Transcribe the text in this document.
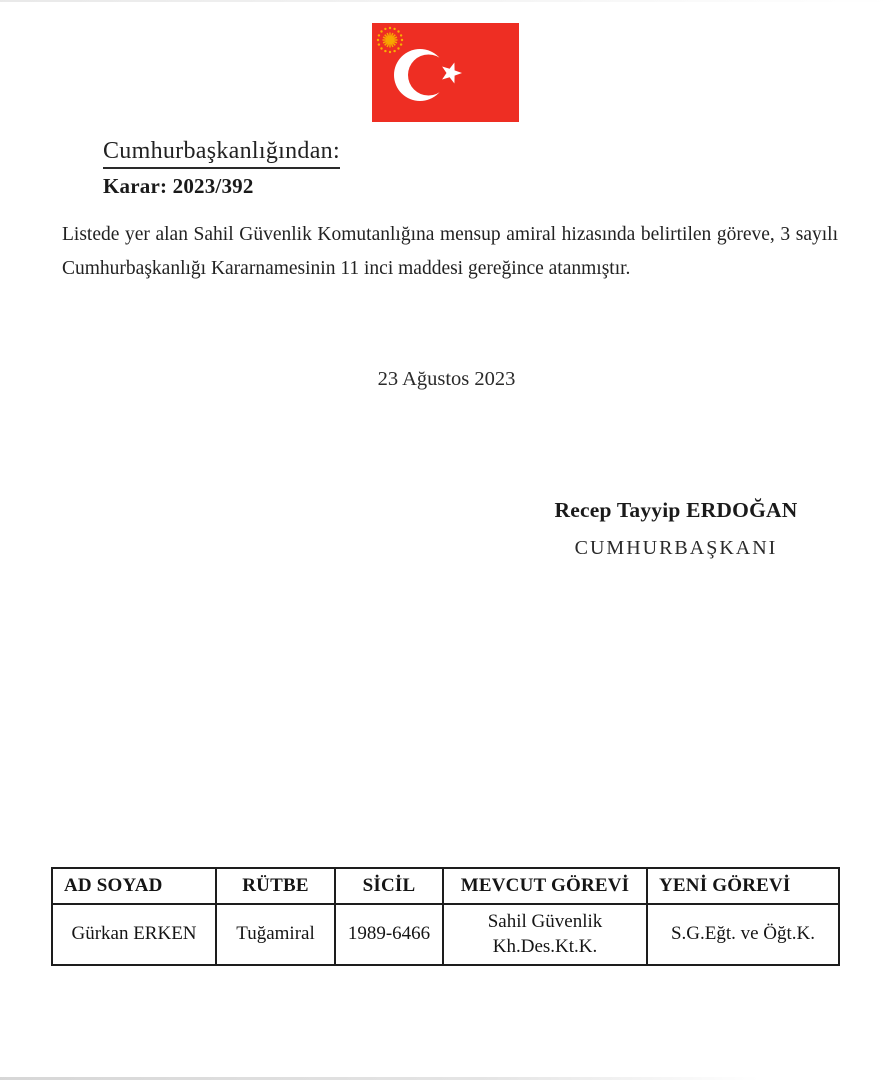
Cumhurbaşkanlığından:
Karar: 2023/392

Listede yer alan Sahil Güvenlik Komutanlığına mensup amiral hizasında belirtilen göreve, 3 sayılı Cumhurbaşkanlığı Kararnamesinin 11 inci maddesi gereğince atanmıştır.

23 Ağustos 2023
Recep Tayyip ERDOĞAN
CUMHURBAŞKANI
AD SOYAD	RÜTBE	SİCİL	MEVCUT GÖREVİ	YENİ GÖREVİ
Gürkan ERKEN	Tuğamiral	1989-6466	Sahil Güvenlik Kh.Des.Kt.K.	S.G.Eğt. ve Öğt.K.
